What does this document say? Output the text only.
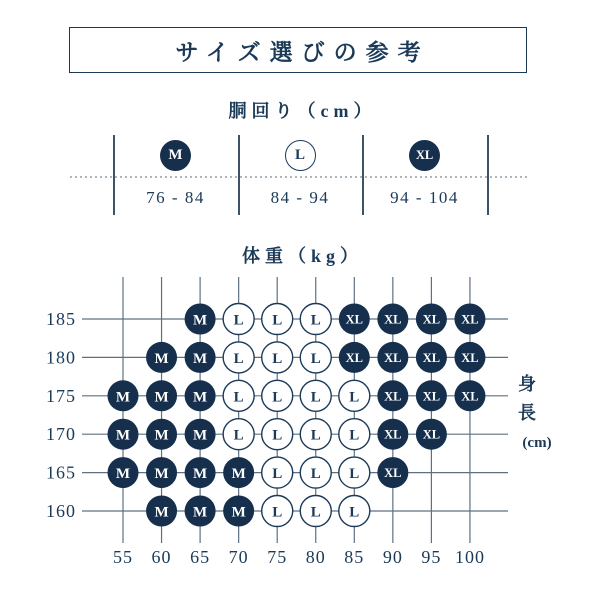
サイズ選びの参考
胴回り（cm）
M
76 - 84
L
84 - 94
XL
94 - 104
体重（kg）
185
180
175
170
165
160
55 60 65 70 75 80 85 90 95 100
M L L L XL XL XL XL
M M L L L XL XL XL XL
M M M L L L L XL XL XL
M M M L L L L XL XL
M M M M L L L XL
M M M L L L
身
長
(cm)
